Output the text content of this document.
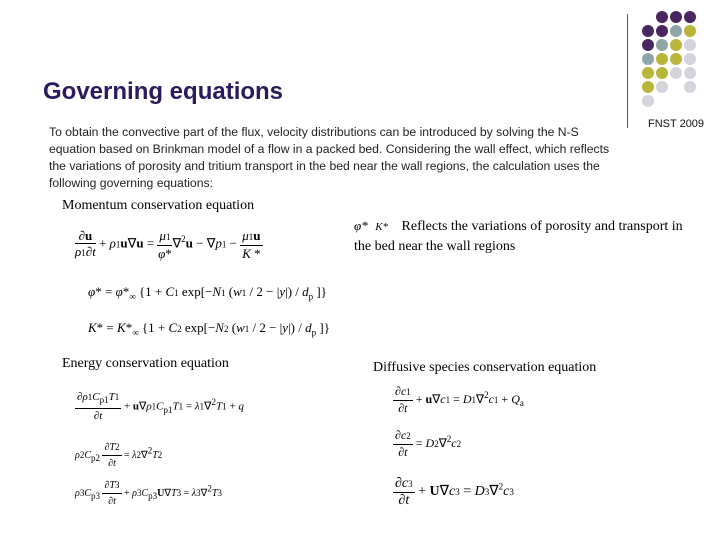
FNST 2009
Governing equations

To obtain the convective part of the flux, velocity distributions can be introduced by solving the N-S equation based on Brinkman model of a flow in a packed bed. Considering the wall effect, which reflects the variations of porosity and tritium transport in the bed near the wall regions, the calculation uses the following governing equations:

Momentum conservation equation
$\frac{\partial u}{\rho 1\partial t} + \rho 1u\nabla u = \frac{\mu 1}{\varphi*} \nabla^2u - \nabla p1 - \frac{\mu 1u}{K *}$
$\varphi* = \varphi*_\infty$ {1 + C1 exp[−N1 $(w1 / 2 - |y|) / d_p$ ]}
$K* = K*_\infty$ {1 + C2 exp[−N2 $(w1 / 2 - |y|) / d_p$ ]}
φ* K* Reflects the variations of porosity and transport in the bed near the wall regions
Energy conservation equation
$\frac{\partial\rho 1C_{p1}T1}{\partial t} + u\nabla\rho 1C_{p1}T1 = \lambda 1\nabla^2T1 + q$
$\rho 2C_{p2} \frac{\partial T2}{\partial t} = \lambda 2\nabla^2T2$
$\rho 3C_{p3} \frac{\partial T3}{\partial t} + \rho 3C_{p3}U\nabla T3 = \lambda 3\nabla^2T3$
Diffusive species conservation equation
$\frac{\partial c1}{\partial t} + u\nabla c1 = D1\nabla^2c1 + Q_a$
$\frac{\partial c2}{\partial t} = D2\nabla^2c2$
$\frac{\partial c3}{\partial t} + U\nabla c3 = D3\nabla^2c3$
